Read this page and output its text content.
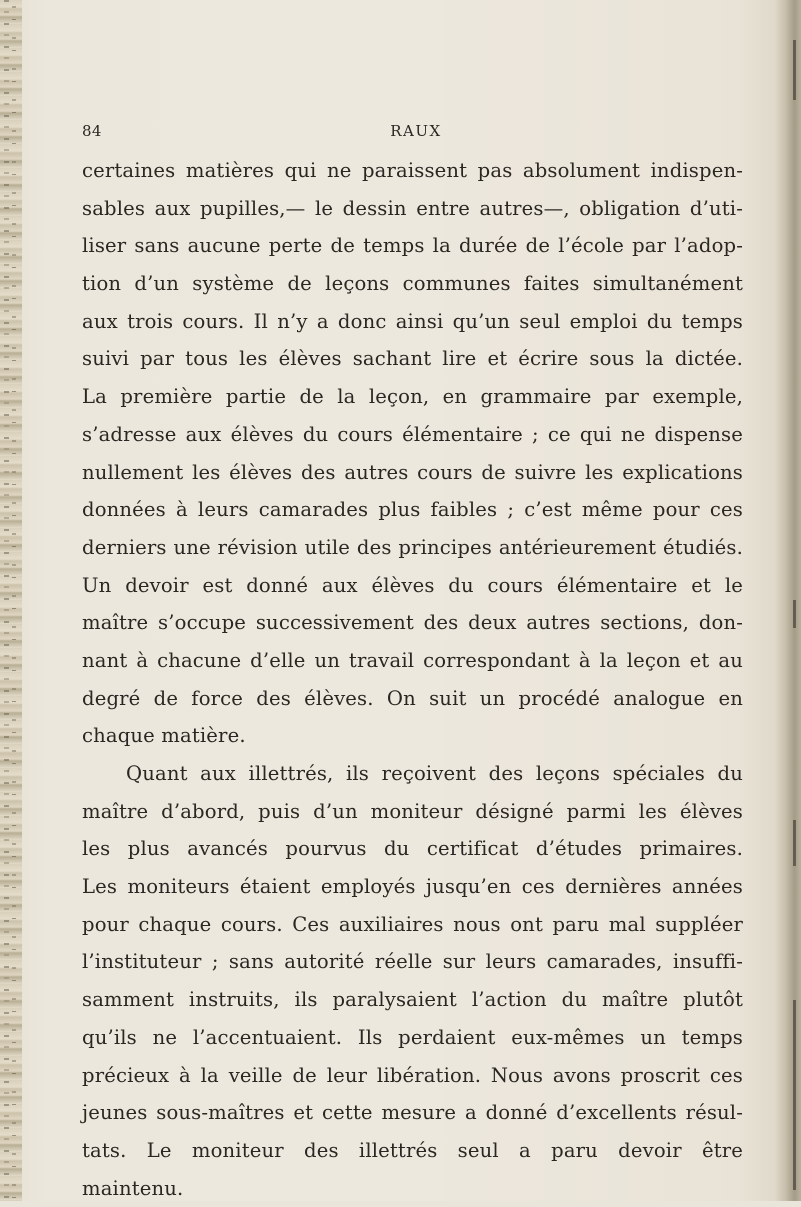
84	RAUX
certaines matières qui ne paraissent pas absolument indispen-
sables aux pupilles,— le dessin entre autres—, obligation d’uti-
liser sans aucune perte de temps la durée de l’école par l’adop-
tion d’un système de leçons communes faites simultanément
aux trois cours. Il n’y a donc ainsi qu’un seul emploi du temps
suivi par tous les élèves sachant lire et écrire sous la dictée.
La première partie de la leçon, en grammaire par exemple,
s’adresse aux élèves du cours élémentaire ; ce qui ne dispense
nullement les élèves des autres cours de suivre les explications
données à leurs camarades plus faibles ; c’est même pour ces
derniers une révision utile des principes antérieurement étudiés.
Un devoir est donné aux élèves du cours élémentaire et le
maître s’occupe successivement des deux autres sections, don-
nant à chacune d’elle un travail correspondant à la leçon et au
degré de force des élèves. On suit un procédé analogue en
chaque matière.
Quant aux illettrés, ils reçoivent des leçons spéciales du
maître d’abord, puis d’un moniteur désigné parmi les élèves
les plus avancés pourvus du certificat d’études primaires.
Les moniteurs étaient employés jusqu’en ces dernières années
pour chaque cours. Ces auxiliaires nous ont paru mal suppléer
l’instituteur ; sans autorité réelle sur leurs camarades, insuffi-
samment instruits, ils paralysaient l’action du maître plutôt
qu’ils ne l’accentuaient. Ils perdaient eux-mêmes un temps
précieux à la veille de leur libération. Nous avons proscrit ces
jeunes sous-maîtres et cette mesure a donné d’excellents résul-
tats. Le moniteur des illettrés seul a paru devoir être
maintenu.
